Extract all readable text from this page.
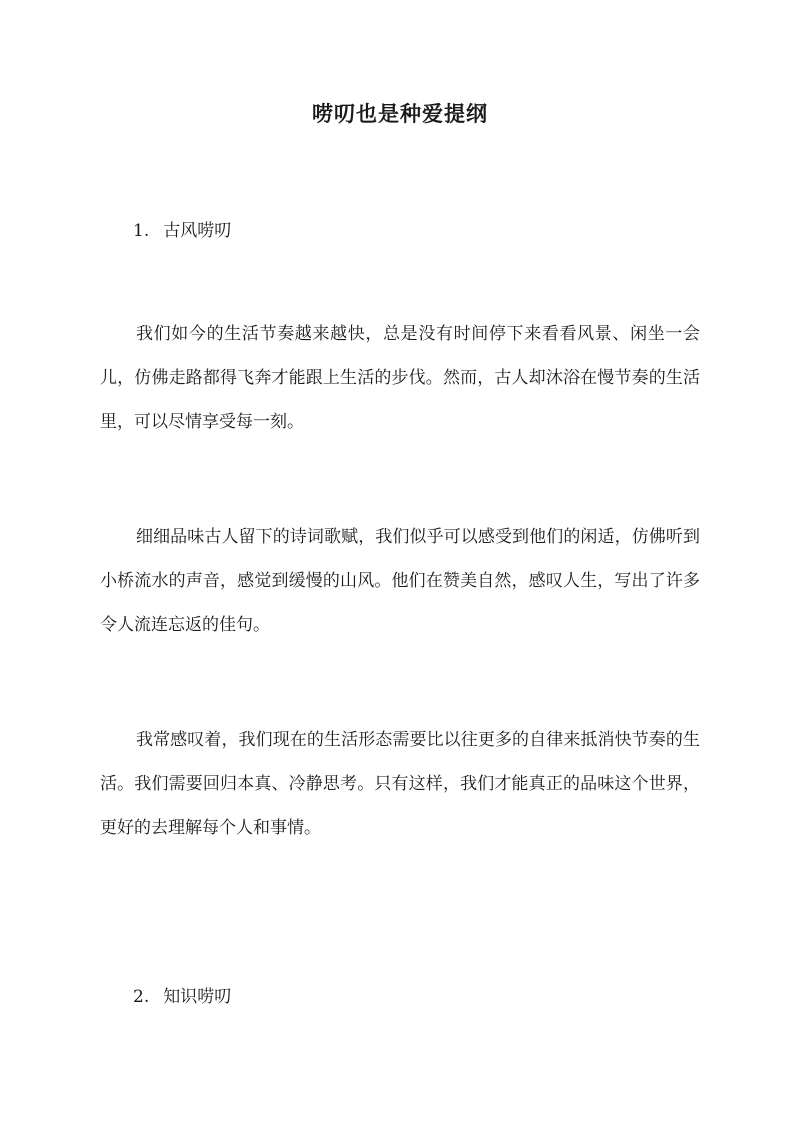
唠叨也是种爱提纲
1. 古风唠叨

我们如今的生活节奏越来越快，总是没有时间停下来看看风景、闲坐一会儿，仿佛走路都得飞奔才能跟上生活的步伐。然而，古人却沐浴在慢节奏的生活里，可以尽情享受每一刻。

细细品味古人留下的诗词歌赋，我们似乎可以感受到他们的闲适，仿佛听到小桥流水的声音，感觉到缓慢的山风。他们在赞美自然，感叹人生，写出了许多令人流连忘返的佳句。

我常感叹着，我们现在的生活形态需要比以往更多的自律来抵消快节奏的生活。我们需要回归本真、冷静思考。只有这样，我们才能真正的品味这个世界，更好的去理解每个人和事情。

2. 知识唠叨
